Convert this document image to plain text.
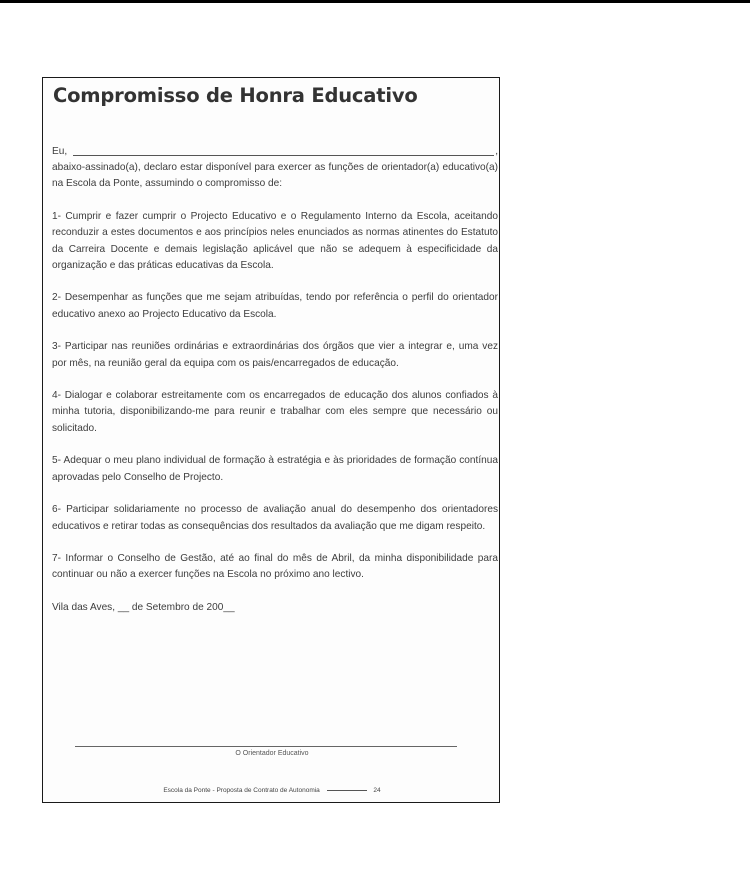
Compromisso de Honra Educativo
Eu,	,

abaixo-assinado(a), declaro estar disponível para exercer as funções de orientador(a) educativo(a) na Escola da Ponte, assumindo o compromisso de:

1- Cumprir e fazer cumprir o Projecto Educativo e o Regulamento Interno da Escola, aceitando reconduzir a estes documentos e aos princípios neles enunciados as normas atinentes do Estatuto da Carreira Docente e demais legislação aplicável que não se adequem à especificidade da organização e das práticas educativas da Escola.

2- Desempenhar as funções que me sejam atribuídas, tendo por referência o perfil do orientador educativo anexo ao Projecto Educativo da Escola.

3- Participar nas reuniões ordinárias e extraordinárias dos órgãos que vier a integrar e, uma vez por mês, na reunião geral da equipa com os pais/encarregados de educação.

4- Dialogar e colaborar estreitamente com os encarregados de educação dos alunos confiados à minha tutoria, disponibilizando-me para reunir e trabalhar com eles sempre que necessário ou solicitado.

5- Adequar o meu plano individual de formação à estratégia e às prioridades de formação contínua aprovadas pelo Conselho de Projecto.

6- Participar solidariamente no processo de avaliação anual do desempenho dos orientadores educativos e retirar todas as consequências dos resultados da avaliação que me digam respeito.

7- Informar o Conselho de Gestão, até ao final do mês de Abril, da minha disponibilidade para continuar ou não a exercer funções na Escola no próximo ano lectivo.

Vila das Aves, __ de Setembro de 200__

O Orientador Educativo
Escola da Ponte - Proposta de Contrato de Autonomia	24
